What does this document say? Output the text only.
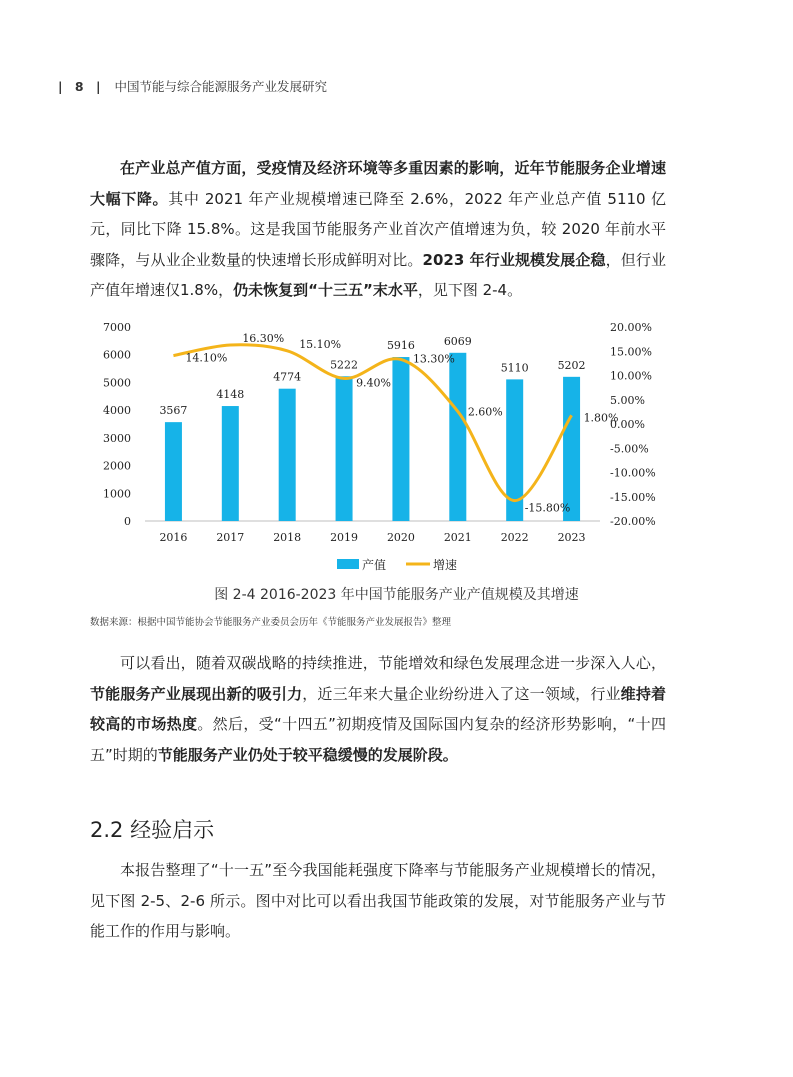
| 8 | 中国节能与综合能源服务产业发展研究
在产业总产值方面，受疫情及经济环境等多重因素的影响，近年节能服务企业增速大幅下降。其中 2021 年产业规模增速已降至 2.6%，2022 年产业总产值 5110 亿元，同比下降 15.8%。这是我国节能服务产业首次产值增速为负，较 2020 年前水平骤降，与从业企业数量的快速增长形成鲜明对比。2023 年行业规模发展企稳，但行业产值年增速仅1.8%，仍未恢复到“十三五”末水平，见下图 2-4。
0
1000
2000
3000
4000
5000
6000
7000
-20.00%
-15.00%
-10.00%
-5.00%
0.00%
5.00%
10.00%
15.00%
20.00%
2016	2017	2018	2019	2020	2021	2022	2023
3567
4148
4774
5222
5916	6069
5110	5202
14.10%
16.30% 15.10%
9.40%
13.30%
2.60%
-15.80%
1.80%
产值	增速
图 2-4 2016-2023 年中国节能服务产业产值规模及其增速
数据来源：根据中国节能协会节能服务产业委员会历年《节能服务产业发展报告》整理
可以看出，随着双碳战略的持续推进，节能增效和绿色发展理念进一步深入人心，节能服务产业展现出新的吸引力，近三年来大量企业纷纷进入了这一领域，行业维持着较高的市场热度。然后，受“十四五”初期疫情及国际国内复杂的经济形势影响，“十四五”时期的节能服务产业仍处于较平稳缓慢的发展阶段。
2.2 经验启示
本报告整理了“十一五”至今我国能耗强度下降率与节能服务产业规模增长的情况，见下图 2-5、2-6 所示。图中对比可以看出我国节能政策的发展，对节能服务产业与节能工作的作用与影响。
